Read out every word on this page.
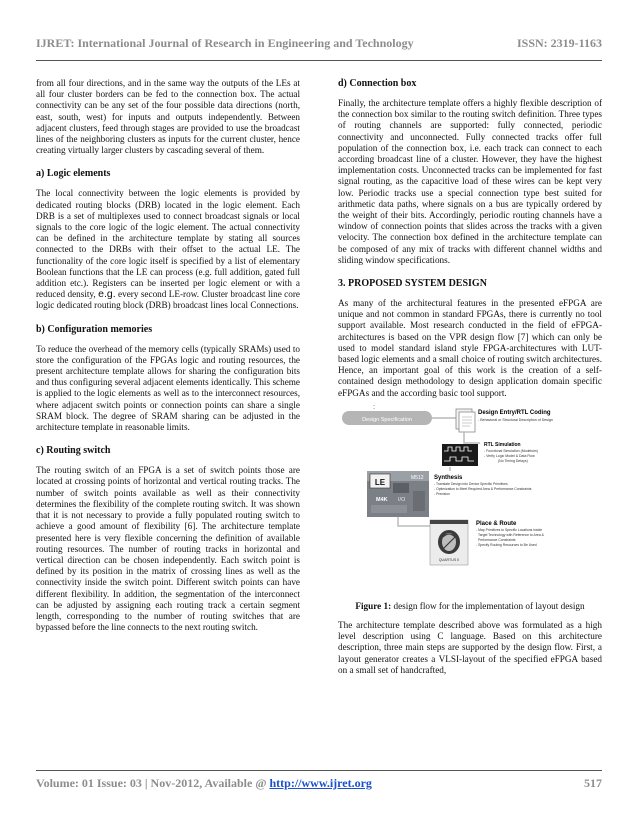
IJRET: International Journal of Research in Engineering and Technology	ISSN: 2319-1163

from all four directions, and in the same way the outputs of the LEs at all four cluster borders can be fed to the connection box. The actual connectivity can be any set of the four possible data directions (north, east, south, west) for inputs and outputs independently. Between adjacent clusters, feed through stages are provided to use the broadcast lines of the neighboring clusters as inputs for the current cluster, hence creating virtually larger clusters by cascading several of them.

a) Logic elements

The local connectivity between the logic elements is provided by dedicated routing blocks (DRB) located in the logic element. Each DRB is a set of multiplexes used to connect broadcast signals or local signals to the core logic of the logic element. The actual connectivity can be defined in the architecture template by stating all sources connected to the DRBs with their offset to the actual LE. The functionality of the core logic itself is specified by a list of elementary Boolean functions that the LE can process (e.g. full addition, gated full addition etc.). Registers can be inserted per logic element or with a reduced density, e.g. every second LE-row. Cluster broadcast line core logic dedicated routing block (DRB) broadcast lines local Connections.

b) Configuration memories

To reduce the overhead of the memory cells (typically SRAMs) used to store the configuration of the FPGAs logic and routing resources, the present architecture template allows for sharing the configuration bits and thus configuring several adjacent elements identically. This scheme is applied to the logic elements as well as to the interconnect resources, where adjacent switch points or connection points can share a single SRAM block. The degree of SRAM sharing can be adjusted in the architecture template in reasonable limits.

c) Routing switch

The routing switch of an FPGA is a set of switch points those are located at crossing points of horizontal and vertical routing tracks. The number of switch points available as well as their connectivity determines the flexibility of the complete routing switch. It was shown that it is not necessary to provide a fully populated routing switch to achieve a good amount of flexibility [6]. The architecture template presented here is very flexible concerning the definition of available routing resources. The number of routing tracks in horizontal and vertical direction can be chosen independently. Each switch point is defined by its position in the matrix of crossing lines as well as the connectivity inside the switch point. Different switch points can have different flexibility. In addition, the segmentation of the interconnect can be adjusted by assigning each routing track a certain segment length, corresponding to the number of routing switches that are bypassed before the line connects to the next routing switch.

d) Connection box

Finally, the architecture template offers a highly flexible description of the connection box similar to the routing switch definition. Three types of routing channels are supported: fully connected, periodic connectivity and unconnected. Fully connected tracks offer full population of the connection box, i.e. each track can connect to each according broadcast line of a cluster. However, they have the highest implementation costs. Unconnected tracks can be implemented for fast signal routing, as the capacitive load of these wires can be kept very low. Periodic tracks use a special connection type best suited for arithmetic data paths, where signals on a bus are typically ordered by the weight of their bits. Accordingly, periodic routing channels have a window of connection points that slides across the tracks with a given velocity. The connection box defined in the architecture template can be composed of any mix of tracks with different channel widths and sliding window specifications.

3. PROPOSED SYSTEM DESIGN

As many of the architectural features in the presented eFPGA are unique and not common in standard FPGAs, there is currently no tool support available. Most research conducted in the field of eFPGA-architectures is based on the VPR design flow [7] which can only be used to model standard island style FPGA-architectures with LUT-based logic elements and a small choice of routing switch architectures. Hence, an important goal of this work is the creation of a self-contained design methodology to design application domain specific eFPGAs and the according basic tool support.

Design Specification
Design Entry/RTL Coding
- Behavioral or Structural Description of Design
RTL Simulation
- Functional Simulation (Modelsim)
- Verify Logic Model & Data Flow
(No Timing Delays)
LE	M512
M4K I/O
Synthesis
- Translate Design into Device Specific Primitives
- Optimization to Meet Required Area & Performance Constraints
- Precision
QUARTUS II
Place & Route
- Map Primitives to Specific Locations inside
Target Technology with Reference to Area &
Performance Constraints
- Specify Routing Resources to Be Used
Figure 1: design flow for the implementation of layout design

The architecture template described above was formulated as a high level description using C language. Based on this architecture description, three main steps are supported by the design flow. First, a layout generator creates a VLSI-layout of the specified eFPGA based on a small set of handcrafted,

Volume: 01 Issue: 03 | Nov-2012, Available @ http://www.ijret.org	517
